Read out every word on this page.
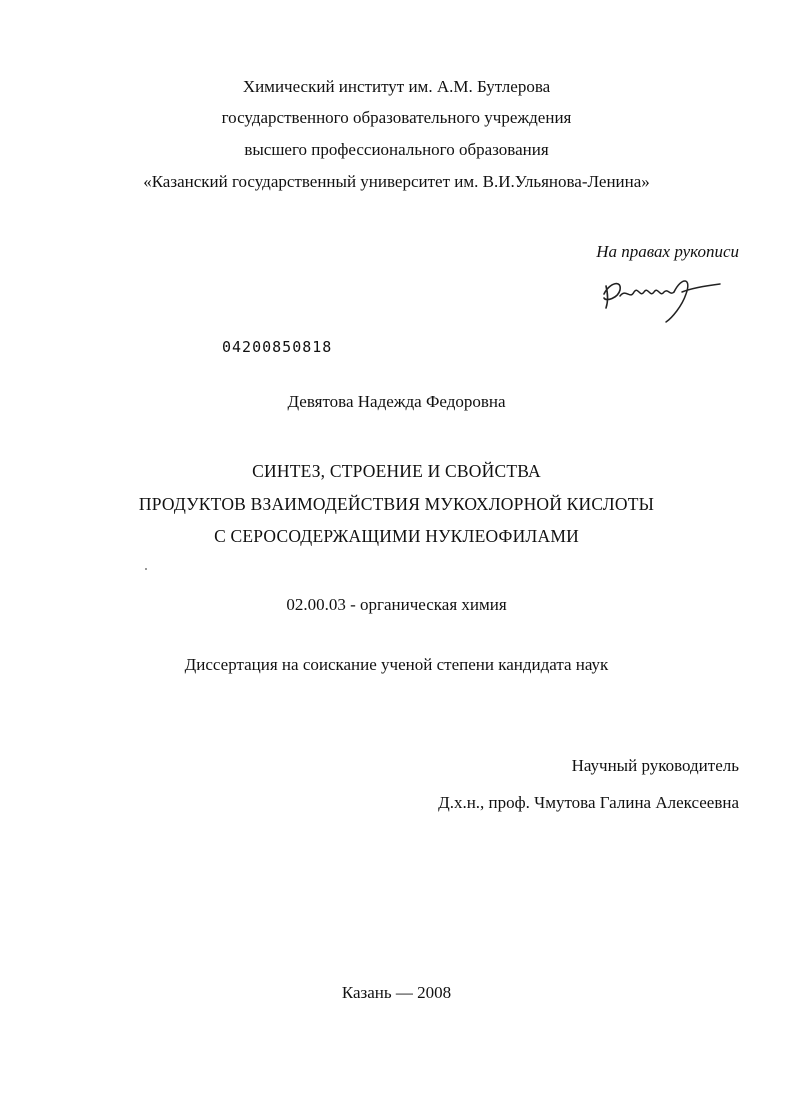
Химический институт им. А.М. Бутлерова
государственного образовательного учреждения
высшего профессионального образования
«Казанский государственный университет им. В.И.Ульянова-Ленина»
На правах рукописи
04200850818
Девятова Надежда Федоровна
СИНТЕЗ, СТРОЕНИЕ И СВОЙСТВА
ПРОДУКТОВ ВЗАИМОДЕЙСТВИЯ МУКОХЛОРНОЙ КИСЛОТЫ
С СЕРОСОДЕРЖАЩИМИ НУКЛЕОФИЛАМИ
02.00.03 - органическая химия
Диссертация на соискание ученой степени кандидата наук
Научный руководитель
Д.х.н., проф. Чмутова Галина Алексеевна
Казань — 2008
